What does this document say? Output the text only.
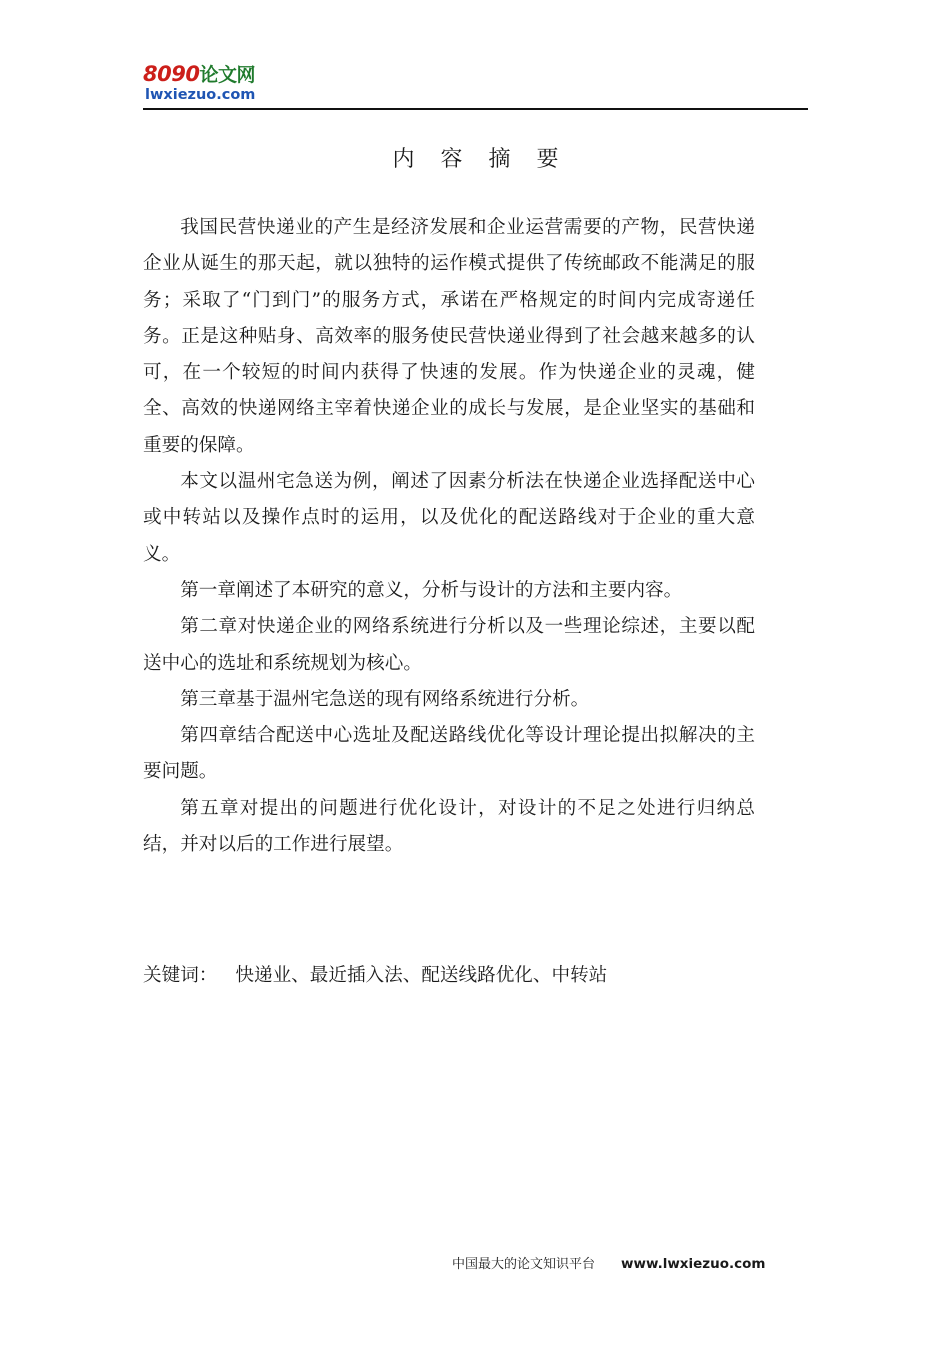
8090论文网
lwxiezuo.com
内容摘要

我国民营快递业的产生是经济发展和企业运营需要的产物，民营快递企业从诞生的那天起，就以独特的运作模式提供了传统邮政不能满足的服务；采取了“门到门”的服务方式，承诺在严格规定的时间内完成寄递任务。正是这种贴身、高效率的服务使民营快递业得到了社会越来越多的认可，在一个较短的时间内获得了快速的发展。作为快递企业的灵魂，健全、高效的快递网络主宰着快递企业的成长与发展，是企业坚实的基础和重要的保障。

本文以温州宅急送为例，阐述了因素分析法在快递企业选择配送中心或中转站以及操作点时的运用，以及优化的配送路线对于企业的重大意义。

第一章阐述了本研究的意义，分析与设计的方法和主要内容。

第二章对快递企业的网络系统进行分析以及一些理论综述，主要以配送中心的选址和系统规划为核心。

第三章基于温州宅急送的现有网络系统进行分析。

第四章结合配送中心选址及配送路线优化等设计理论提出拟解决的主要问题。

第五章对提出的问题进行优化设计，对设计的不足之处进行归纳总结，并对以后的工作进行展望。

关键词： 快递业、最近插入法、配送线路优化、中转站
中国最大的论文知识平台 www.lwxiezuo.com
